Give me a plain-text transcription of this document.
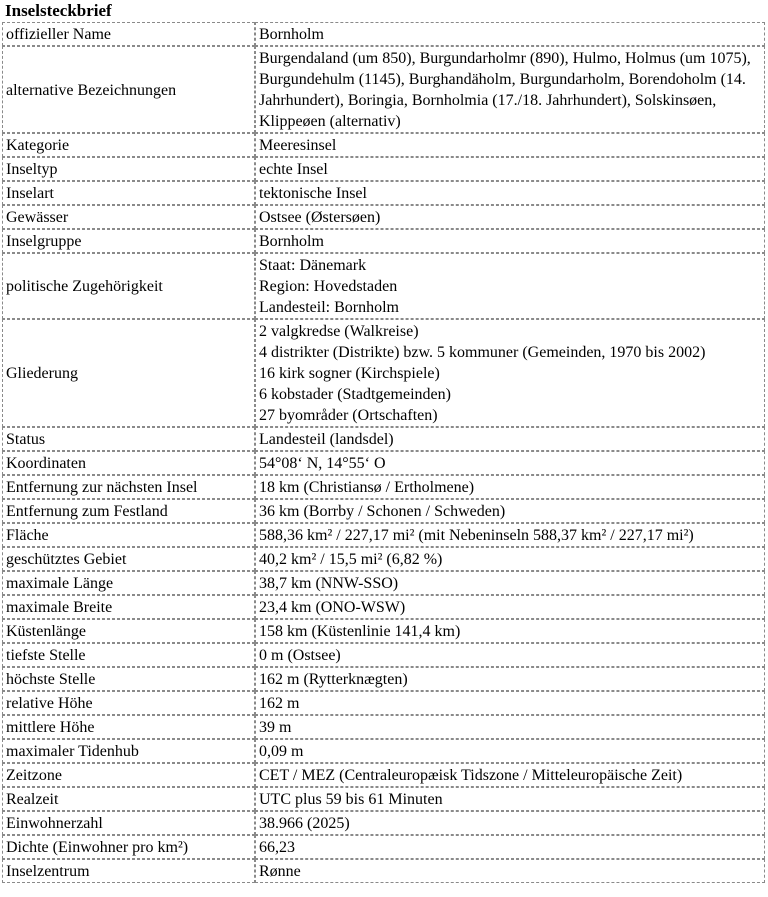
Inselsteckbrief
offizieller Name	Bornholm
alternative Bezeichnungen	Burgendaland (um 850), Burgundarholmr (890), Hulmo, Holmus (um 1075), Burgundehulm (1145), Burghandäholm, Burgundarholm, Borendoholm (14. Jahrhundert), Boringia, Bornholmia (17./18. Jahrhundert), Solskinsøen, Klippeøen (alternativ)
Kategorie	Meeresinsel
Inseltyp	echte Insel
Inselart	tektonische Insel
Gewässer	Ostsee (Østersøen)
Inselgruppe	Bornholm
politische Zugehörigkeit	Staat: Dänemark
Region: Hovedstaden
Landesteil: Bornholm

Gliederung	2 valgkredse (Walkreise)
4 distrikter (Distrikte) bzw. 5 kommuner (Gemeinden, 1970 bis 2002)
16 kirk sogner (Kirchspiele)
6 kobstader (Stadtgemeinden)
27 byområder (Ortschaften)

Status	Landesteil (landsdel)
Koordinaten	54°08‘ N, 14°55‘ O
Entfernung zur nächsten Insel	18 km (Christiansø / Ertholmene)
Entfernung zum Festland	36 km (Borrby / Schonen / Schweden)
Fläche	588,36 km² / 227,17 mi² (mit Nebeninseln 588,37 km² / 227,17 mi²)
geschütztes Gebiet	40,2 km² / 15,5 mi² (6,82 %)
maximale Länge	38,7 km (NNW-SSO)
maximale Breite	23,4 km (ONO-WSW)
Küstenlänge	158 km (Küstenlinie 141,4 km)
tiefste Stelle	0 m (Ostsee)
höchste Stelle	162 m (Rytterknægten)
relative Höhe	162 m
mittlere Höhe	39 m
maximaler Tidenhub	0,09 m
Zeitzone	CET / MEZ (Centraleuropæisk Tidszone / Mitteleuropäische Zeit)
Realzeit	UTC plus 59 bis 61 Minuten
Einwohnerzahl	38.966 (2025)
Dichte (Einwohner pro km²)	66,23
Inselzentrum	Rønne
